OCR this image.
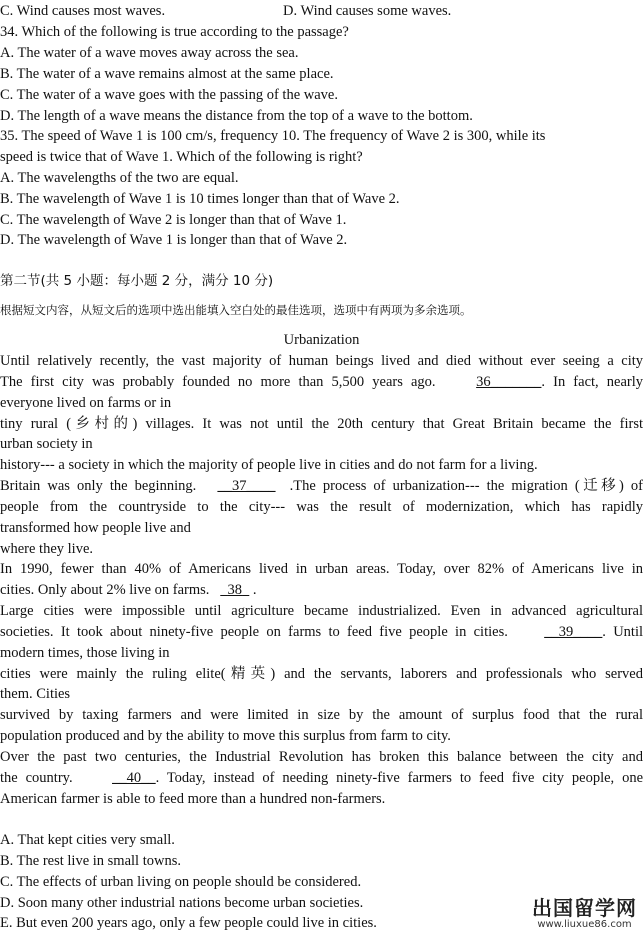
C. Wind causes most waves.	D. Wind causes some waves.
34. Which of the following is true according to the passage?
A. The water of a wave moves away across the sea.
B. The water of a wave remains almost at the same place.
C. The water of a wave goes with the passing of the wave.
D. The length of a wave means the distance from the top of a wave to the bottom.
35. The speed of Wave 1 is 100 cm/s, frequency 10. The frequency of Wave 2 is 300, while its
speed is twice that of Wave 1. Which of the following is right?
A. The wavelengths of the two are equal.
B. The wavelength of Wave 1 is 10 times longer than that of Wave 2.
C. The wavelength of Wave 2 is longer than that of Wave 1.
D. The wavelength of Wave 1 is longer than that of Wave 2.
第二节(共 5 小题：每小题 2 分，满分 10 分)
根据短文内容，从短文后的选项中选出能填入空白处的最佳选项，选项中有两项为多余选项。
Urbanization
Until relatively recently, the vast majority of human beings lived and died without ever seeing a city
The first city was probably founded no more than 5,500 years ago.	36_______. In fact, nearly
everyone lived on farms or in
tiny rural (乡村的) villages. It was not until the 20th century that Great Britain became the first
urban society in
history--- a society in which the majority of people live in cities and do not farm for a living.
Britain was only the beginning. __37____ .The process of urbanization--- the migration (迁移) of
people from the countryside to the city--- was the result of modernization, which has rapidly
transformed how people live and
where they live.
In 1990, fewer than 40% of Americans lived in urban areas. Today, over 82% of Americans live in
cities. Only about 2% live on farms. 38 .
Large cities were impossible until agriculture became industrialized. Even in advanced agricultural
societies. It took about ninety-five people on farms to feed five people in cities.	__39____. Until
modern times, those living in
cities were mainly the ruling elite(精英) and the servants, laborers and professionals who served
them. Cities
survived by taxing farmers and were limited in size by the amount of surplus food that the rural
population produced and by the ability to move this surplus from farm to city.
Over the past two centuries, the Industrial Revolution has broken this balance between the city and
the country.	__40__. Today, instead of needing ninety-five farmers to feed five city people, one
American farmer is able to feed more than a hundred non-farmers.
A. That kept cities very small.
B. The rest live in small towns.
C. The effects of urban living on people should be considered.
D. Soon many other industrial nations become urban societies.
E. But even 200 years ago, only a few people could live in cities.
出国留学网
www.liuxue86.com
